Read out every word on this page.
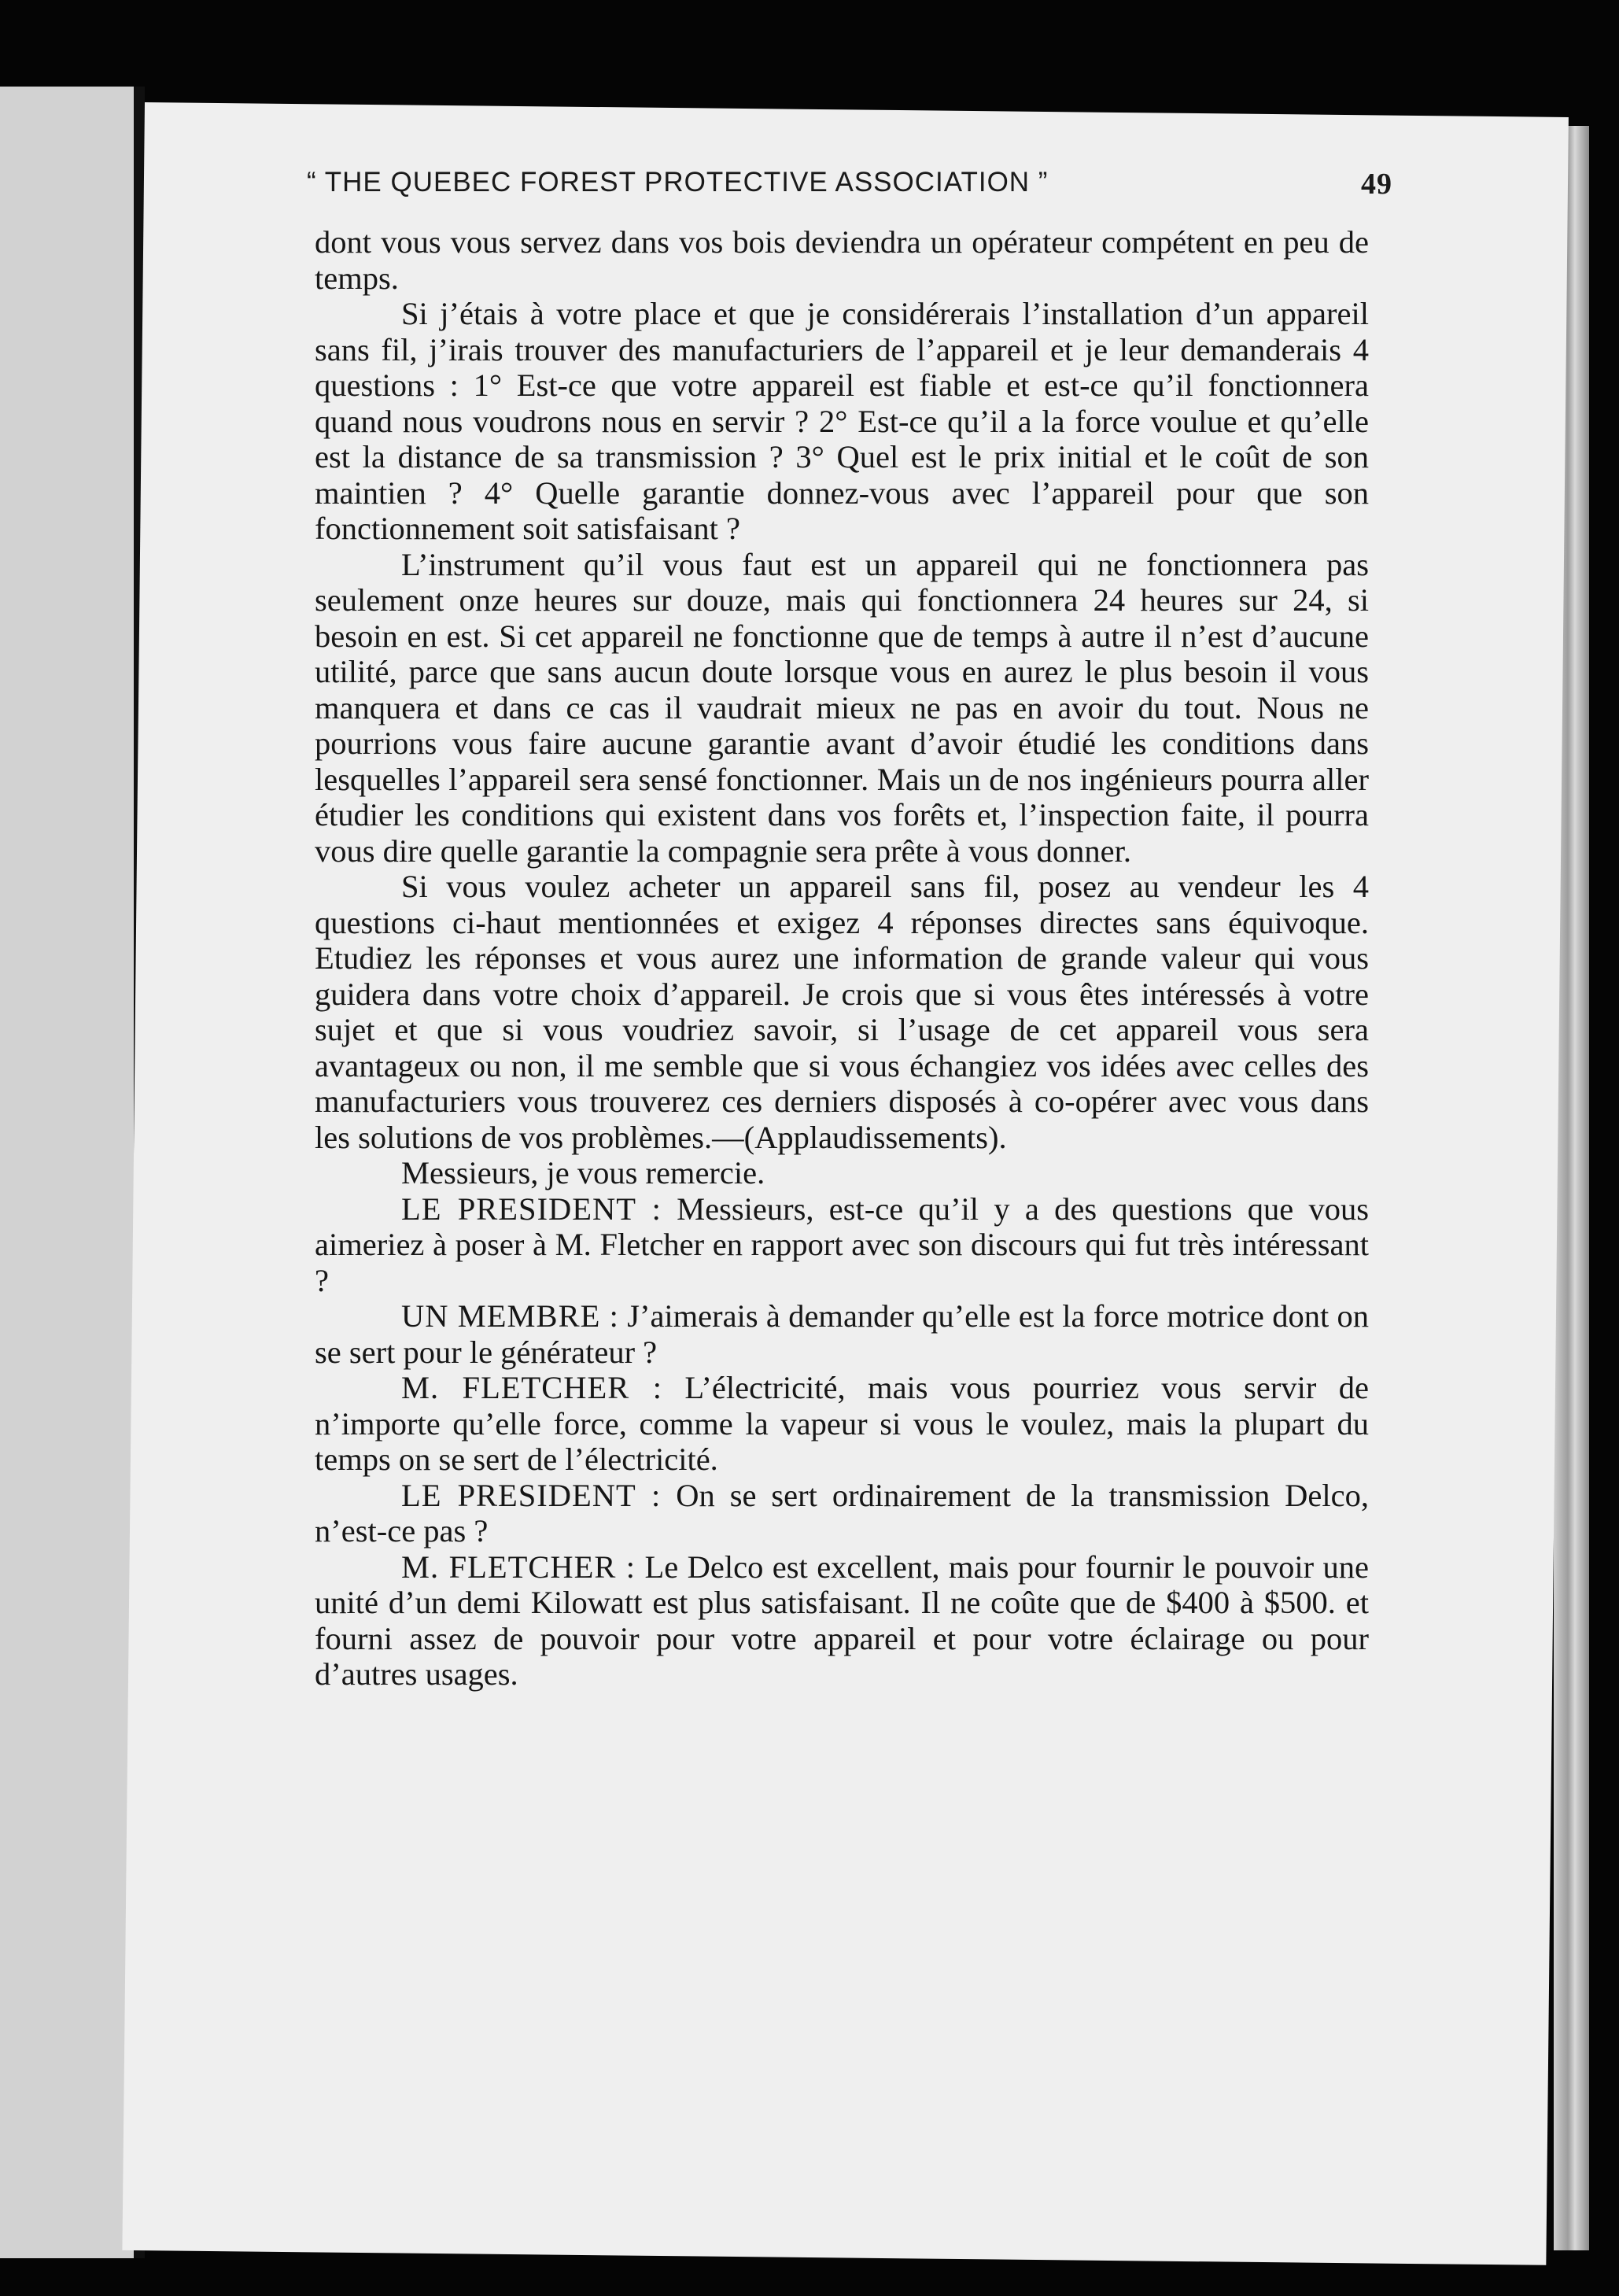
“ THE QUEBEC FOREST PROTECTIVE ASSOCIATION ”	49

dont vous vous servez dans vos bois deviendra un opérateur compétent en peu de temps.

Si j’étais à votre place et que je considérerais l’installation d’un appareil sans fil, j’irais trouver des manufacturiers de l’appareil et je leur demanderais 4 questions : 1° Est-ce que votre appareil est fiable et est-ce qu’il fonctionnera quand nous voudrons nous en servir ? 2° Est-ce qu’il a la force voulue et qu’elle est la distance de sa transmission ? 3° Quel est le prix initial et le coût de son maintien ? 4° Quelle garantie donnez-vous avec l’appareil pour que son fonctionnement soit satisfaisant ?

L’instrument qu’il vous faut est un appareil qui ne fonctionnera pas seulement onze heures sur douze, mais qui fonctionnera 24 heures sur 24, si besoin en est. Si cet appareil ne fonctionne que de temps à autre il n’est d’aucune utilité, parce que sans aucun doute lorsque vous en aurez le plus besoin il vous manquera et dans ce cas il vaudrait mieux ne pas en avoir du tout. Nous ne pourrions vous faire aucune garantie avant d’avoir étudié les conditions dans lesquelles l’appareil sera sensé fonctionner. Mais un de nos ingénieurs pourra aller étudier les conditions qui existent dans vos forêts et, l’inspection faite, il pourra vous dire quelle garantie la compagnie sera prête à vous donner.

Si vous voulez acheter un appareil sans fil, posez au vendeur les 4 questions ci-haut mentionnées et exigez 4 réponses directes sans équivoque. Etudiez les réponses et vous aurez une information de grande valeur qui vous guidera dans votre choix d’appareil. Je crois que si vous êtes intéressés à votre sujet et que si vous voudriez savoir, si l’usage de cet appareil vous sera avantageux ou non, il me semble que si vous échangiez vos idées avec celles des manufacturiers vous trouverez ces derniers disposés à co-opérer avec vous dans les solutions de vos problèmes.—(Applaudissements).

Messieurs, je vous remercie.

LE PRESIDENT : Messieurs, est-ce qu’il y a des questions que vous aimeriez à poser à M. Fletcher en rapport avec son discours qui fut très intéressant ?

UN MEMBRE : J’aimerais à demander qu’elle est la force motrice dont on se sert pour le générateur ?

M. FLETCHER : L’électricité, mais vous pourriez vous servir de n’importe qu’elle force, comme la vapeur si vous le voulez, mais la plupart du temps on se sert de l’électricité.

LE PRESIDENT : On se sert ordinairement de la transmission Delco, n’est-ce pas ?

M. FLETCHER : Le Delco est excellent, mais pour fournir le pouvoir une unité d’un demi Kilowatt est plus satisfaisant. Il ne coûte que de $400 à $500. et fourni assez de pouvoir pour votre appareil et pour votre éclairage ou pour d’autres usages.
